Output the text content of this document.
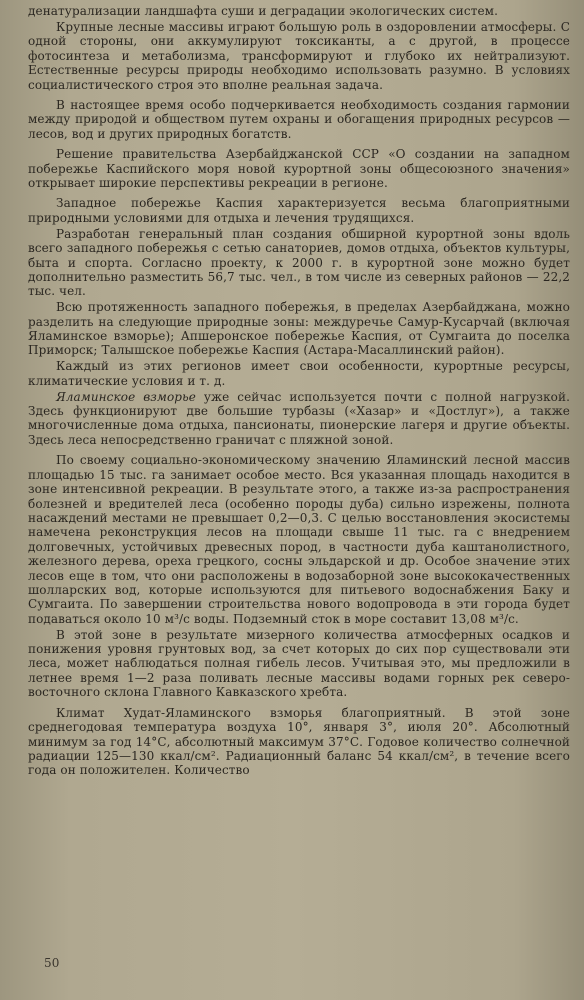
денатурализации ландшафта суши и деградации экологических систем.

Крупные лесные массивы играют большую роль в оздоровлении атмосферы. С одной стороны, они аккумулируют токсиканты, а с другой, в процессе фотосинтеза и метаболизма, трансформируют и глубоко их нейтрализуют. Естественные ресурсы природы необходимо использовать разумно. В условиях социалистического строя это вполне реальная задача.

В настоящее время особо подчеркивается необходимость создания гармонии между природой и обществом путем охраны и обогащения природных ресурсов — лесов, вод и других природных богатств.

Решение правительства Азербайджанской ССР «О создании на западном побережье Каспийского моря новой курортной зоны общесоюзного значения» открывает широкие перспективы рекреации в регионе.

Западное побережье Каспия характеризуется весьма благоприятными природными условиями для отдыха и лечения трудящихся.

Разработан генеральный план создания обширной курортной зоны вдоль всего западного побережья с сетью санаториев, домов отдыха, объектов культуры, быта и спорта. Согласно проекту, к 2000 г. в курортной зоне можно будет дополнительно разместить 56,7 тыс. чел., в том числе из северных районов — 22,2 тыс. чел.

Всю протяженность западного побережья, в пределах Азербайджана, можно разделить на следующие природные зоны: междуречье Самур-Кусарчай (включая Яламинское взморье); Апшеронское побережье Каспия, от Сумгаита до поселка Приморск; Талышское побережье Каспия (Астара-Масаллинский район).

Каждый из этих регионов имеет свои особенности, курортные ресурсы, климатические условия и т. д.

Яламинское взморье уже сейчас используется почти с полной нагрузкой. Здесь функционируют две большие турбазы («Хазар» и «Достлуг»), а также многочисленные дома отдыха, пансионаты, пионерские лагеря и другие объекты. Здесь леса непосредственно граничат с пляжной зоной.

По своему социально-экономическому значению Яламинский лесной массив площадью 15 тыс. га занимает особое место. Вся указанная площадь находится в зоне интенсивной рекреации. В результате этого, а также из-за распространения болезней и вредителей леса (особенно породы дуба) сильно изрежены, полнота насаждений местами не превышает 0,2—0,3. С целью восстановления экосистемы намечена реконструкция лесов на площади свыше 11 тыс. га с внедрением долговечных, устойчивых древесных пород, в частности дуба каштанолистного, железного дерева, ореха грецкого, сосны эльдарской и др. Особое значение этих лесов еще в том, что они расположены в водозаборной зоне высококачественных шолларских вод, которые используются для питьевого водоснабжения Баку и Сумгаита. По завершении строительства нового водопровода в эти города будет подаваться около 10 м³/с воды. Подземный сток в море составит 13,08 м³/с.

В этой зоне в результате мизерного количества атмосферных осадков и понижения уровня грунтовых вод, за счет которых до сих пор существовали эти леса, может наблюдаться полная гибель лесов. Учитывая это, мы предложили в летнее время 1—2 раза поливать лесные массивы водами горных рек северо-восточного склона Главного Кавказского хребта.

Климат Худат-Яламинского взморья благоприятный. В этой зоне среднегодовая температура воздуха 10°, января 3°, июля 20°. Абсолютный минимум за год 14°С, абсолютный максимум 37°С. Годовое количество солнечной радиации 125—130 ккал/см². Радиационный баланс 54 ккал/см², в течение всего года он положителен. Количество

50
